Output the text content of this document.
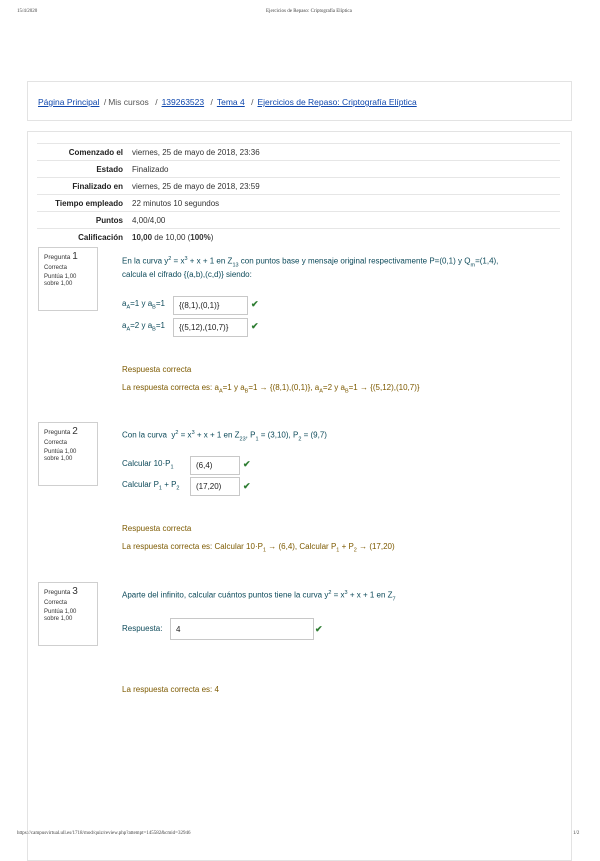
15/4/2020	Ejercicios de Repaso: Criptografía Elíptica
Página Principal / Mis cursos / 139263523 / Tema 4 / Ejercicios de Repaso: Criptografía Elíptica
Comenzado el	viernes, 25 de mayo de 2018, 23:36
Estado	Finalizado
Finalizado en	viernes, 25 de mayo de 2018, 23:59
Tiempo empleado	22 minutos 10 segundos
Puntos	4,00/4,00
Calificación	10,00 de 10,00 (100%)
Pregunta 1
Correcta
Puntúa 1,00
sobre 1,00
En la curva $y^2 = x^3 + x + 1$ en $Z_{13}$ con puntos base y mensaje original respectivamente P=(0,1) y $Q_m=(1,4)$,
calcula el cifrado {(a,b),(c,d)} siendo:
$a_A=1$ y $a_B=1$	{(8,1),(0,1)}	✔
$a_A=2$ y $a_B=1$	{(5,12),(10,7)}	✔
Respuesta correcta
La respuesta correcta es: $a_A=1$ y $a_B=1 \to \{(8,1),(0,1)\}$, $a_A=2$ y $a_B=1 \to \{(5,12),(10,7)\}$
Pregunta 2
Correcta
Puntúa 1,00
sobre 1,00
Con la curva  $y^2 = x^3 + x + 1$ en $Z_{23}$, $P_1 = (3,10)$, $P_2 = (9,7)$
Calcular $10\cdot P_1$	(6,4)	✔
Calcular $P_1 + P_2$	(17,20)	✔
Respuesta correcta
La respuesta correcta es: Calcular $10\cdot P_1 \to (6,4)$, Calcular $P_1 + P_2 \to (17,20)$
Pregunta 3
Correcta
Puntúa 1,00
sobre 1,00
Aparte del infinito, calcular cuántos puntos tiene la curva $y^2 = x^3 + x + 1$ en $Z_7$
Respuesta:	4	✔
La respuesta correcta es: 4
https://campusvirtual.ull.es/1718/mod/quiz/review.php?attempt=145582&cmid=32946	1/2
